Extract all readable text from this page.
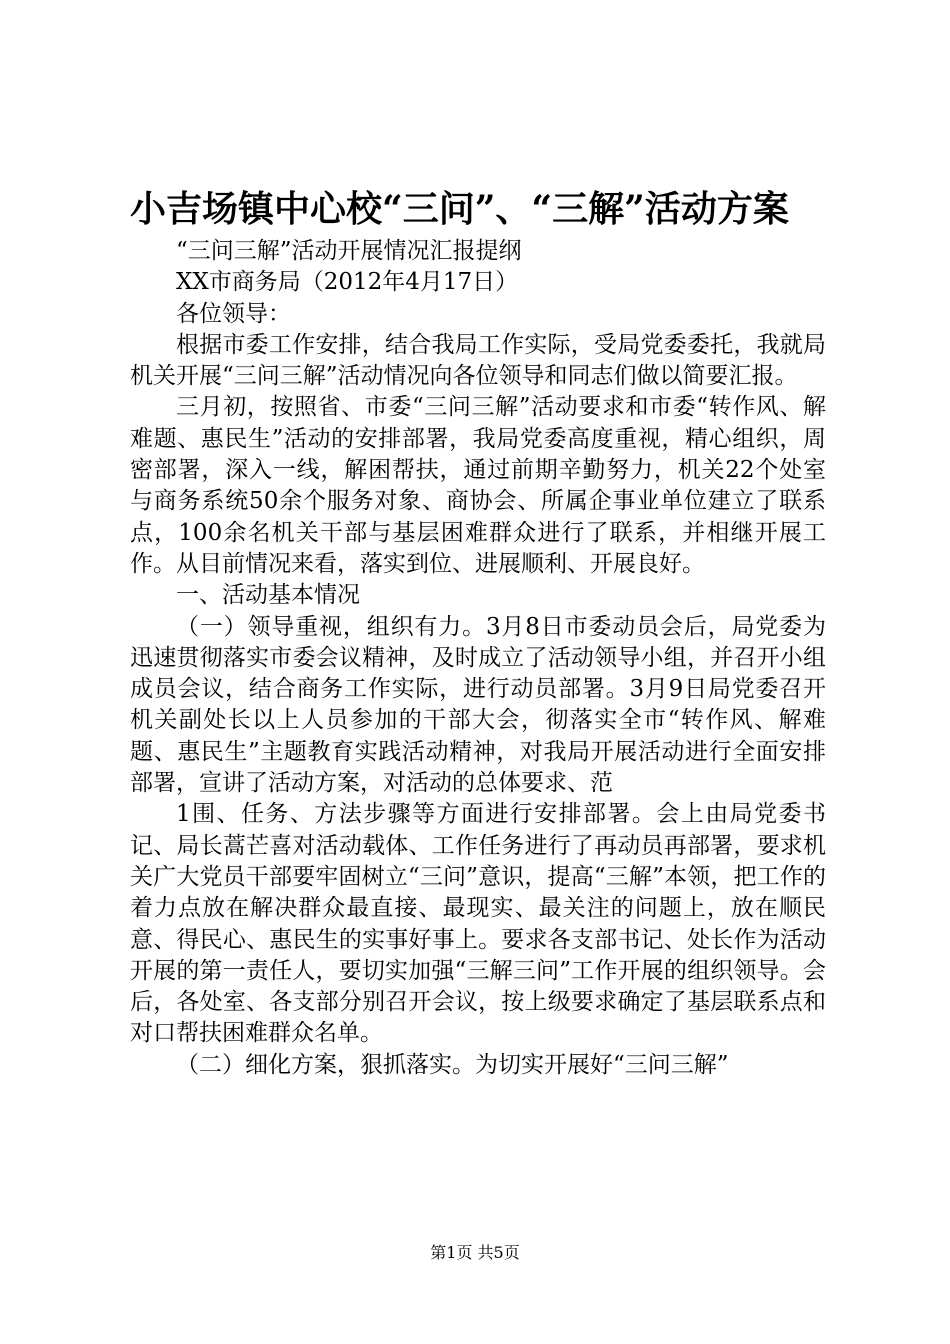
小吉场镇中心校“三问”、“三解”活动方案

“三问三解”活动开展情况汇报提纲

XX市商务局（2012年4月17日）

各位领导：

根据市委工作安排，结合我局工作实际，受局党委委托，我就局机关开展“三问三解”活动情况向各位领导和同志们做以简要汇报。

三月初，按照省、市委“三问三解”活动要求和市委“转作风、解难题、惠民生”活动的安排部署，我局党委高度重视，精心组织，周密部署，深入一线，解困帮扶，通过前期辛勤努力，机关22个处室与商务系统50余个服务对象、商协会、所属企事业单位建立了联系点，100余名机关干部与基层困难群众进行了联系，并相继开展工作。从目前情况来看，落实到位、进展顺利、开展良好。

一、活动基本情况

（一）领导重视，组织有力。3月8日市委动员会后，局党委为迅速贯彻落实市委会议精神，及时成立了活动领导小组，并召开小组成员会议，结合商务工作实际，进行动员部署。3月9日局党委召开机关副处长以上人员参加的干部大会，彻落实全市“转作风、解难题、惠民生”主题教育实践活动精神，对我局开展活动进行全面安排部署，宣讲了活动方案，对活动的总体要求、范

1围、任务、方法步骤等方面进行安排部署。会上由局党委书记、局长蒿芒喜对活动载体、工作任务进行了再动员再部署，要求机关广大党员干部要牢固树立“三问”意识，提高“三解”本领，把工作的着力点放在解决群众最直接、最现实、最关注的问题上，放在顺民意、得民心、惠民生的实事好事上。要求各支部书记、处长作为活动开展的第一责任人，要切实加强“三解三问”工作开展的组织领导。会后，各处室、各支部分别召开会议，按上级要求确定了基层联系点和对口帮扶困难群众名单。

（二）细化方案，狠抓落实。为切实开展好“三问三解”

第1页 共5页
